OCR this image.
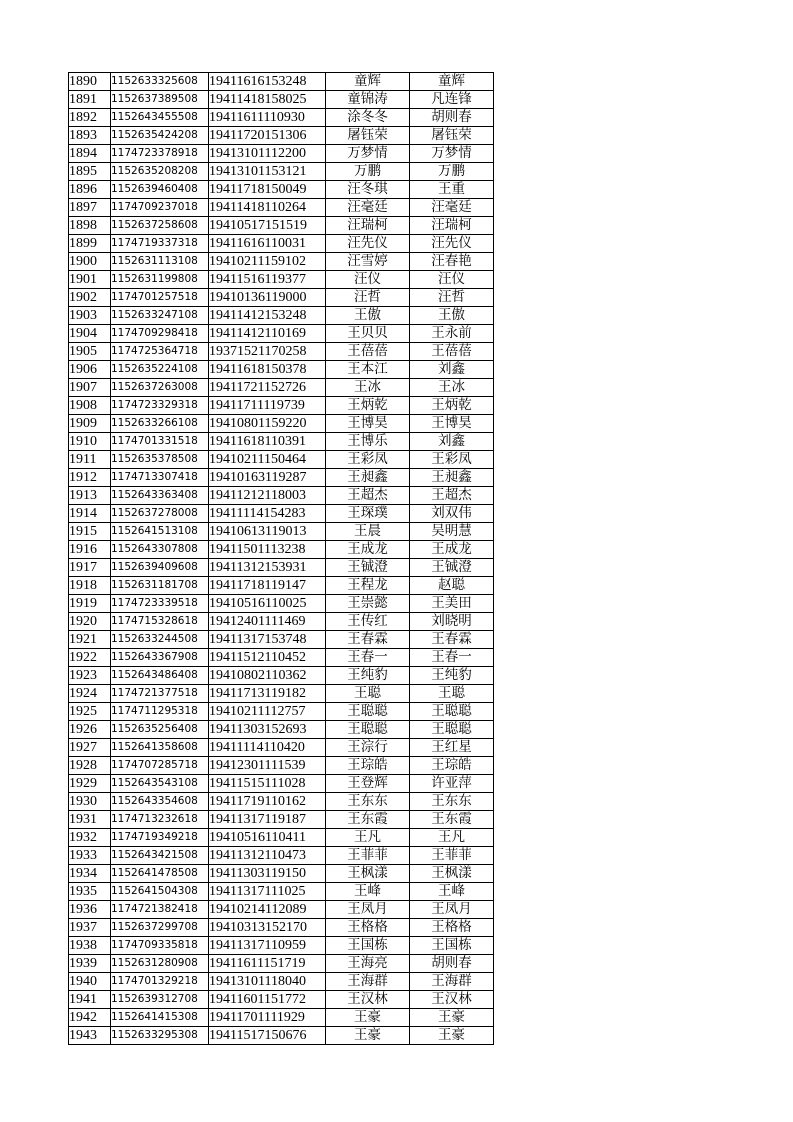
1890	1152633325608	19411616153248	童辉	童辉
1891	1152637389508	19411418158025	童锦涛	凡连锋
1892	1152643455508	19411611110930	涂冬冬	胡则春
1893	1152635424208	19411720151306	屠钰荣	屠钰荣
1894	1174723378918	19413101112200	万梦情	万梦情
1895	1152635208208	19413101153121	万鹏	万鹏
1896	1152639460408	19411718150049	汪冬琪	王重
1897	1174709237018	19411418110264	汪毫廷	汪毫廷
1898	1152637258608	19410517151519	汪瑞柯	汪瑞柯
1899	1174719337318	19411616110031	汪先仪	汪先仪
1900	1152631113108	19410211159102	汪雪婷	汪春艳
1901	1152631199808	19411516119377	汪仪	汪仪
1902	1174701257518	19410136119000	汪哲	汪哲
1903	1152633247108	19411412153248	王傲	王傲
1904	1174709298418	19411412110169	王贝贝	王永前
1905	1174725364718	19371521170258	王蓓蓓	王蓓蓓
1906	1152635224108	19411618150378	王本江	刘鑫
1907	1152637263008	19411721152726	王冰	王冰
1908	1174723329318	19411711119739	王炳乾	王炳乾
1909	1152633266108	19410801159220	王博昊	王博昊
1910	1174701331518	19411618110391	王博乐	刘鑫
1911	1152635378508	19410211150464	王彩凤	王彩凤
1912	1174713307418	19410163119287	王昶鑫	王昶鑫
1913	1152643363408	19411212118003	王超杰	王超杰
1914	1152637278008	19411114154283	王琛璞	刘双伟
1915	1152641513108	19410613119013	王晨	吴明慧
1916	1152643307808	19411501113238	王成龙	王成龙
1917	1152639409608	19411312153931	王铖澄	王铖澄
1918	1152631181708	19411718119147	王程龙	赵聪
1919	1174723339518	19410516110025	王崇懿	王美田
1920	1174715328618	19412401111469	王传红	刘晓明
1921	1152633244508	19411317153748	王春霖	王春霖
1922	1152643367908	19411512110452	王春一	王春一
1923	1152643486408	19410802110362	王纯豹	王纯豹
1924	1174721377518	19411713119182	王聪	王聪
1925	1174711295318	19410211112757	王聪聪	王聪聪
1926	1152635256408	19411303152693	王聪聪	王聪聪
1927	1152641358608	19411114110420	王淙行	王红星
1928	1174707285718	19412301111539	王琮皓	王琮皓
1929	1152643543108	19411515111028	王登辉	许亚萍
1930	1152643354608	19411719110162	王东东	王东东
1931	1174713232618	19411317119187	王东霞	王东霞
1932	1174719349218	19410516110411	王凡	王凡
1933	1152643421508	19411312110473	王菲菲	王菲菲
1934	1152641478508	19411303119150	王枫漾	王枫漾
1935	1152641504308	19411317111025	王峰	王峰
1936	1174721382418	19410214112089	王凤月	王凤月
1937	1152637299708	19410313152170	王格格	王格格
1938	1174709335818	19411317110959	王国栋	王国栋
1939	1152631280908	19411611151719	王海亮	胡则春
1940	1174701329218	19413101118040	王海群	王海群
1941	1152639312708	19411601151772	王汉林	王汉林
1942	1152641415308	19411701111929	王豪	王豪
1943	1152633295308	19411517150676	王豪	王豪
